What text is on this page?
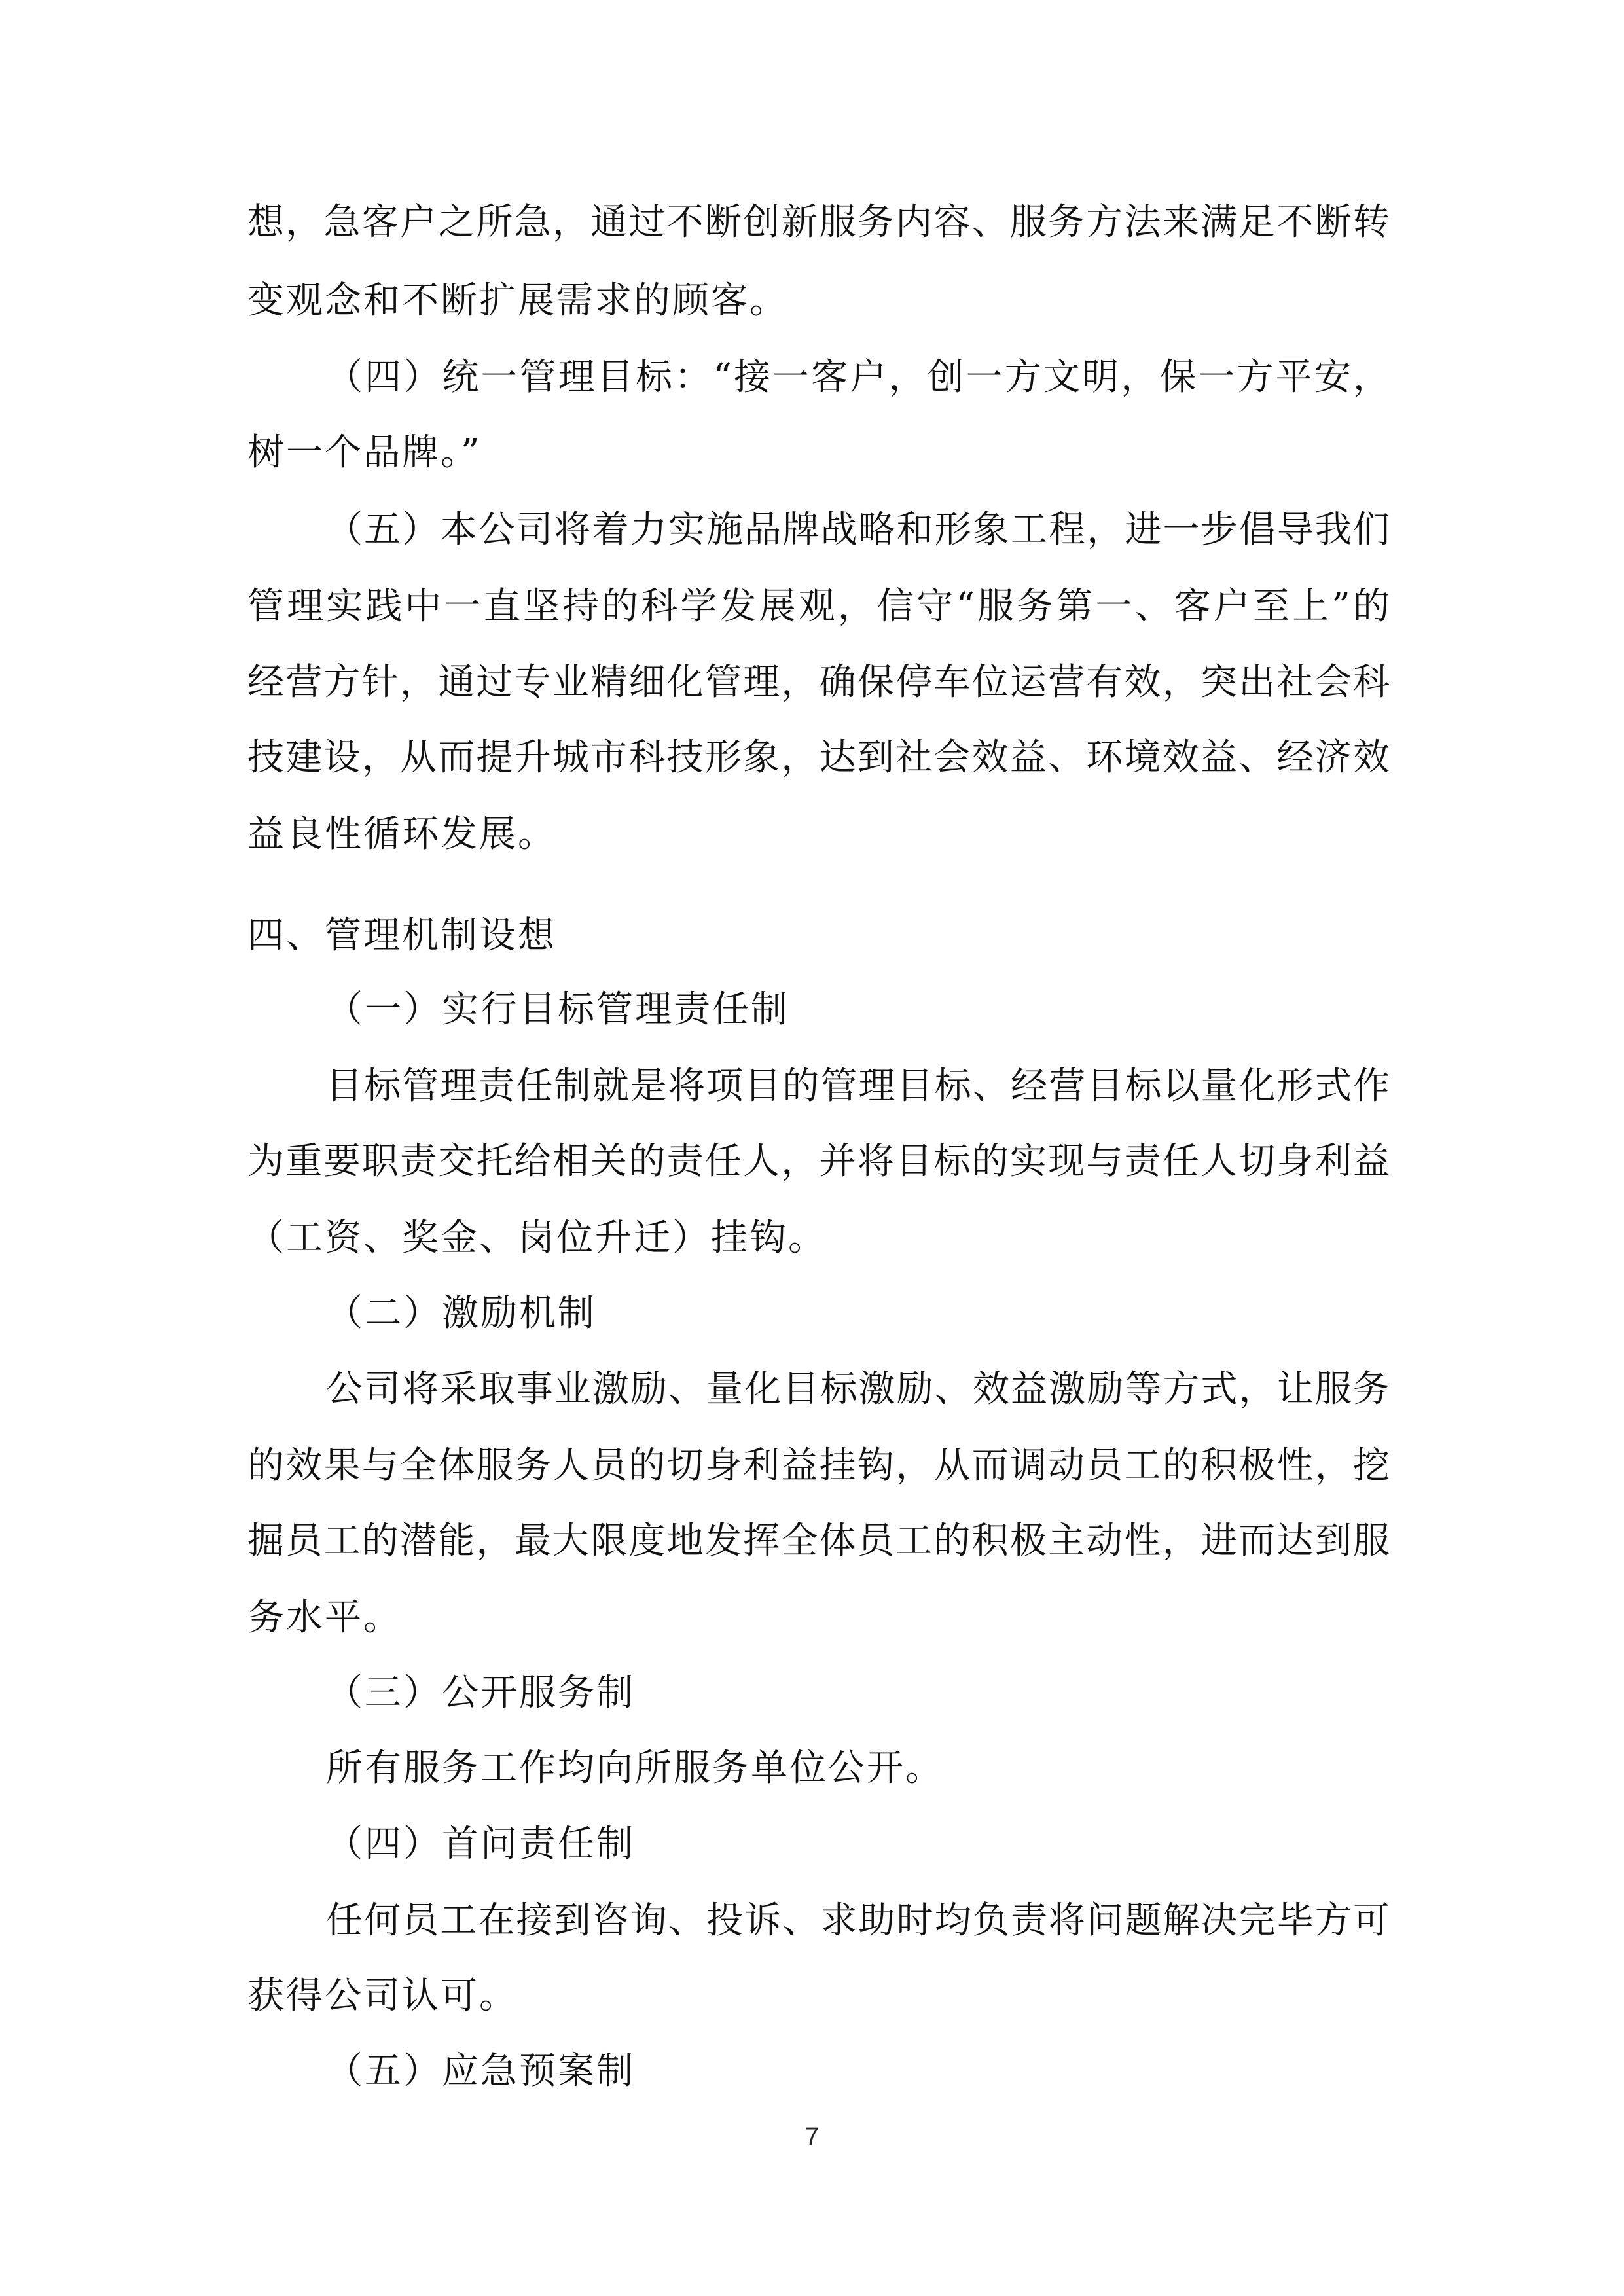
想，急客户之所急，通过不断创新服务内容、服务方法来满足不断转
变观念和不断扩展需求的顾客。
（四）统一管理目标：“接一客户，创一方文明，保一方平安，
树一个品牌。”
（五）本公司将着力实施品牌战略和形象工程，进一步倡导我们
管理实践中一直坚持的科学发展观，信守“服务第一、客户至上”的
经营方针，通过专业精细化管理，确保停车位运营有效，突出社会科
技建设，从而提升城市科技形象，达到社会效益、环境效益、经济效
益良性循环发展。
四、管理机制设想
（一）实行目标管理责任制
目标管理责任制就是将项目的管理目标、经营目标以量化形式作
为重要职责交托给相关的责任人，并将目标的实现与责任人切身利益
（工资、奖金、岗位升迁）挂钩。
（二）激励机制
公司将采取事业激励、量化目标激励、效益激励等方式，让服务
的效果与全体服务人员的切身利益挂钩，从而调动员工的积极性，挖
掘员工的潜能，最大限度地发挥全体员工的积极主动性，进而达到服
务水平。
（三）公开服务制
所有服务工作均向所服务单位公开。
（四）首问责任制
任何员工在接到咨询、投诉、求助时均负责将问题解决完毕方可
获得公司认可。
（五）应急预案制
7
